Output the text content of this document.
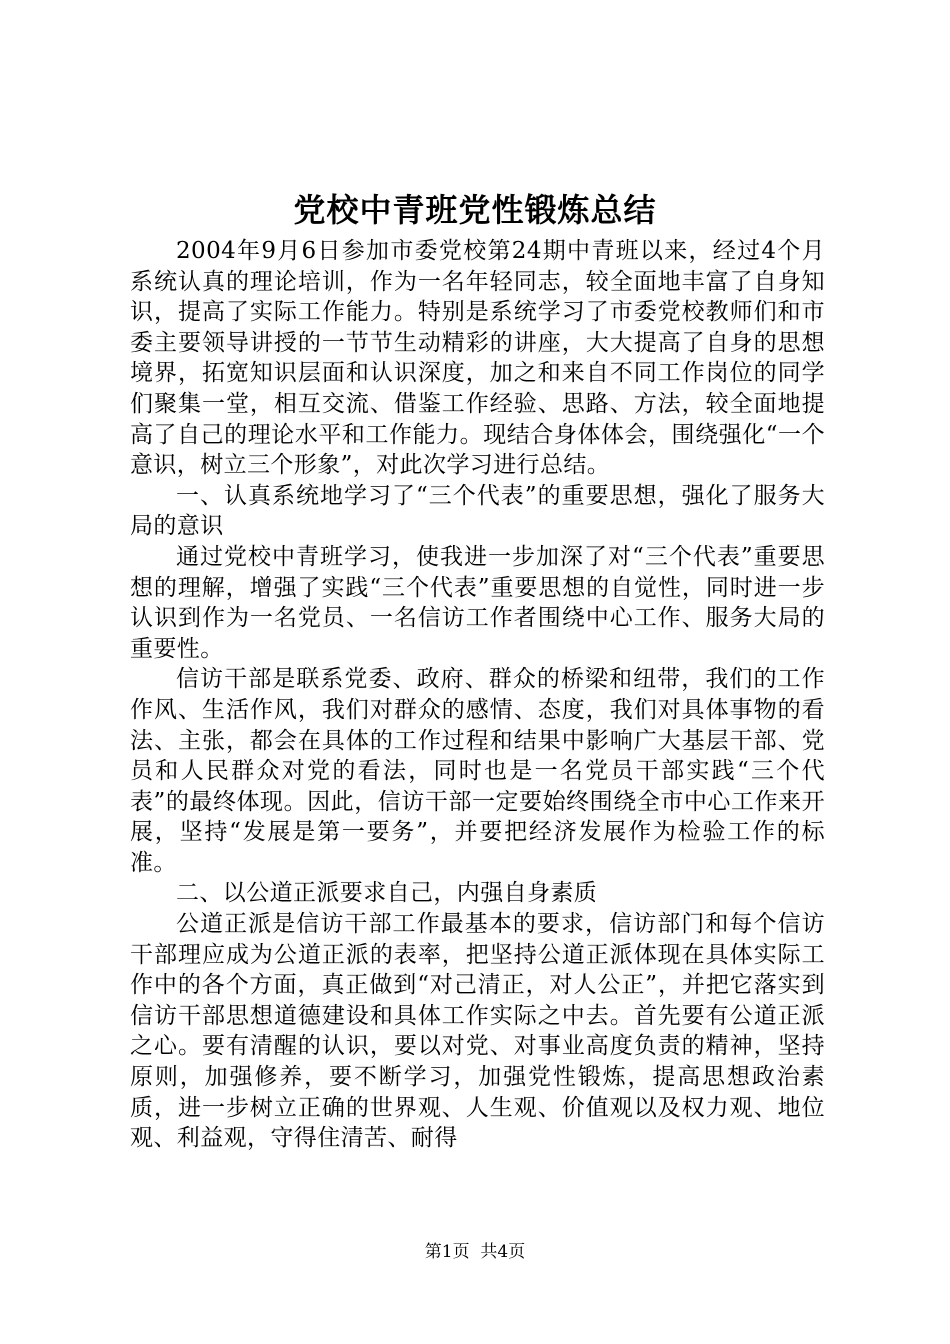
党校中青班党性锻炼总结

2004年9月6日参加市委党校第24期中青班以来，经过4个月系统认真的理论培训，作为一名年轻同志，较全面地丰富了自身知识，提高了实际工作能力。特别是系统学习了市委党校教师们和市委主要领导讲授的一节节生动精彩的讲座，大大提高了自身的思想境界，拓宽知识层面和认识深度，加之和来自不同工作岗位的同学们聚集一堂，相互交流、借鉴工作经验、思路、方法，较全面地提高了自己的理论水平和工作能力。现结合身体体会，围绕强化“一个意识，树立三个形象”，对此次学习进行总结。

一、认真系统地学习了“三个代表”的重要思想，强化了服务大局的意识

通过党校中青班学习，使我进一步加深了对“三个代表”重要思想的理解，增强了实践“三个代表”重要思想的自觉性，同时进一步认识到作为一名党员、一名信访工作者围绕中心工作、服务大局的重要性。

信访干部是联系党委、政府、群众的桥梁和纽带，我们的工作作风、生活作风，我们对群众的感情、态度，我们对具体事物的看法、主张，都会在具体的工作过程和结果中影响广大基层干部、党员和人民群众对党的看法，同时也是一名党员干部实践“三个代表”的最终体现。因此，信访干部一定要始终围绕全市中心工作来开展，坚持“发展是第一要务”，并要把经济发展作为检验工作的标准。

二、以公道正派要求自己，内强自身素质

公道正派是信访干部工作最基本的要求，信访部门和每个信访干部理应成为公道正派的表率，把坚持公道正派体现在具体实际工作中的各个方面，真正做到“对己清正，对人公正”，并把它落实到信访干部思想道德建设和具体工作实际之中去。首先要有公道正派之心。要有清醒的认识，要以对党、对事业高度负责的精神，坚持原则，加强修养，要不断学习，加强党性锻炼，提高思想政治素质，进一步树立正确的世界观、人生观、价值观以及权力观、地位观、利益观，守得住清苦、耐得

第1页 共4页
